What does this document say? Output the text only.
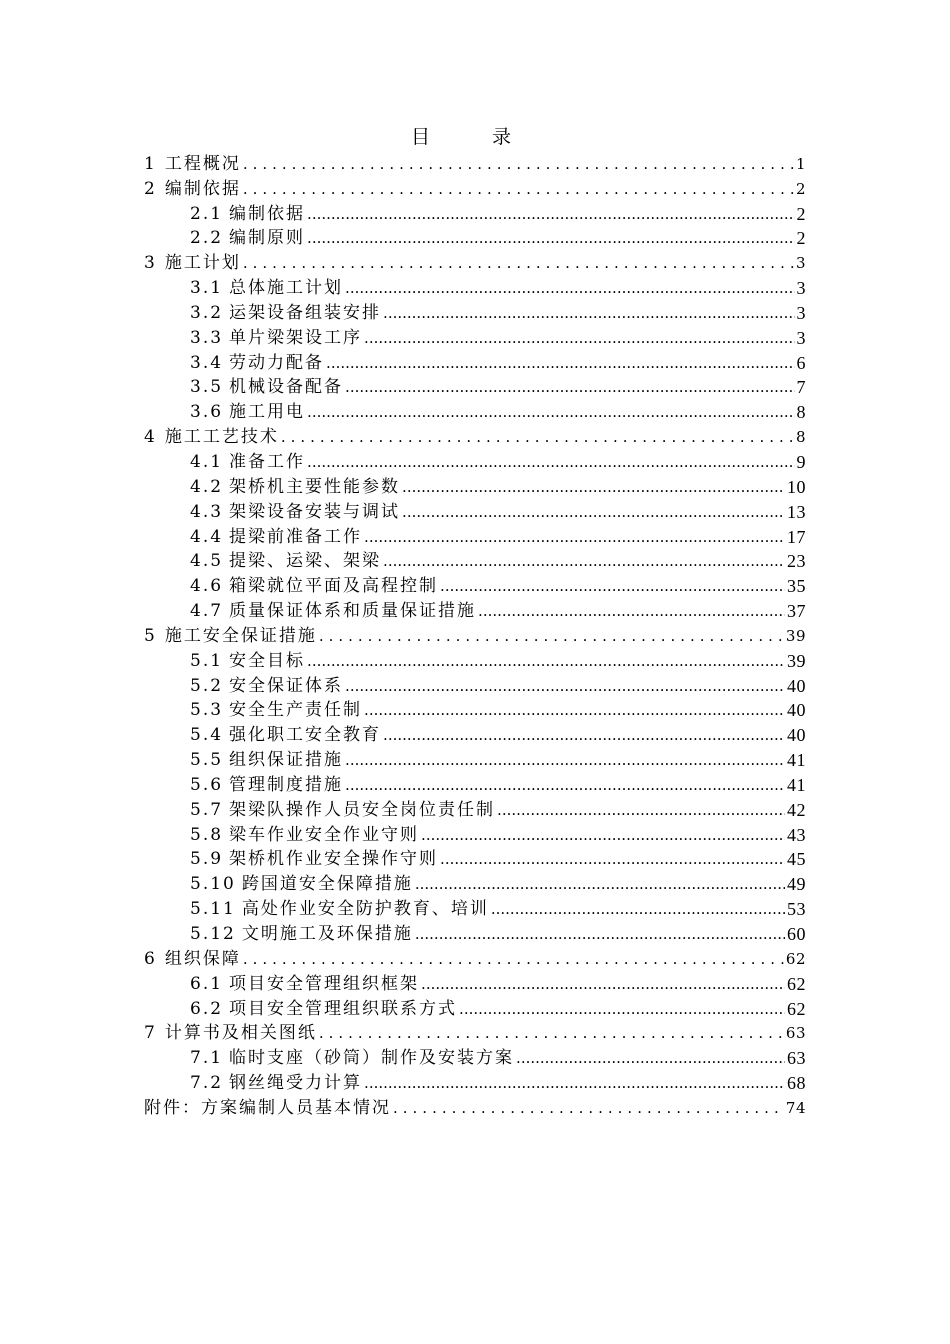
目 录
1 工程概况 .....	1
2 编制依据 .....	2
2.1 编制依据 .....	2
2.2 编制原则 .....	2
3 施工计划 .....	3
3.1 总体施工计划 .....	3
3.2 运架设备组装安排 .....	3
3.3 单片梁架设工序 .....	3
3.4 劳动力配备 .....	6
3.5 机械设备配备 .....	7
3.6 施工用电 .....	8
4 施工工艺技术 .....	8
4.1 准备工作 .....	9
4.2 架桥机主要性能参数 .....	10
4.3 架梁设备安装与调试 .....	13
4.4 提梁前准备工作 .....	17
4.5 提梁、运梁、架梁 .....	23
4.6 箱梁就位平面及高程控制 .....	35
4.7 质量保证体系和质量保证措施 .....	37
5 施工安全保证措施 .....	39
5.1 安全目标 .....	39
5.2 安全保证体系 .....	40
5.3 安全生产责任制 .....	40
5.4 强化职工安全教育 .....	40
5.5 组织保证措施 .....	41
5.6 管理制度措施 .....	41
5.7 架梁队操作人员安全岗位责任制 .....	42
5.8 梁车作业安全作业守则 .....	43
5.9 架桥机作业安全操作守则 .....	45
5.10 跨国道安全保障措施 .....	49
5.11 高处作业安全防护教育、培训 .....	53
5.12 文明施工及环保措施 .....	60
6 组织保障 .....	62
6.1 项目安全管理组织框架 .....	62
6.2 项目安全管理组织联系方式 .....	62
7 计算书及相关图纸 .....	63
7.1 临时支座（砂筒）制作及安装方案 .....	63
7.2 钢丝绳受力计算 .....	68
附件：方案编制人员基本情况 .....	74
